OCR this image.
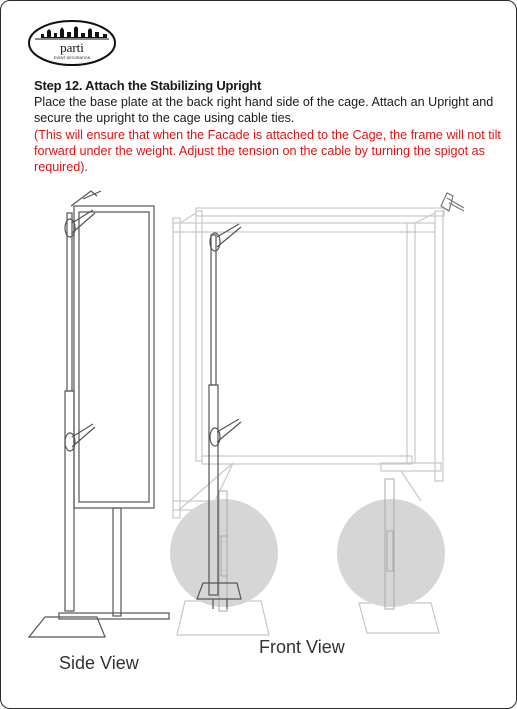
parti
EVENT DECORATION
Step 12. Attach the Stabilizing Upright
Place the base plate at the back right hand side of the cage. Attach an Upright and secure the upright to the cage using cable ties.
(This will ensure that when the Facade is attached to the Cage, the frame will not tilt forward under the weight. Adjust the tension on the cable by turning the spigot as required).
Side View
Front View
